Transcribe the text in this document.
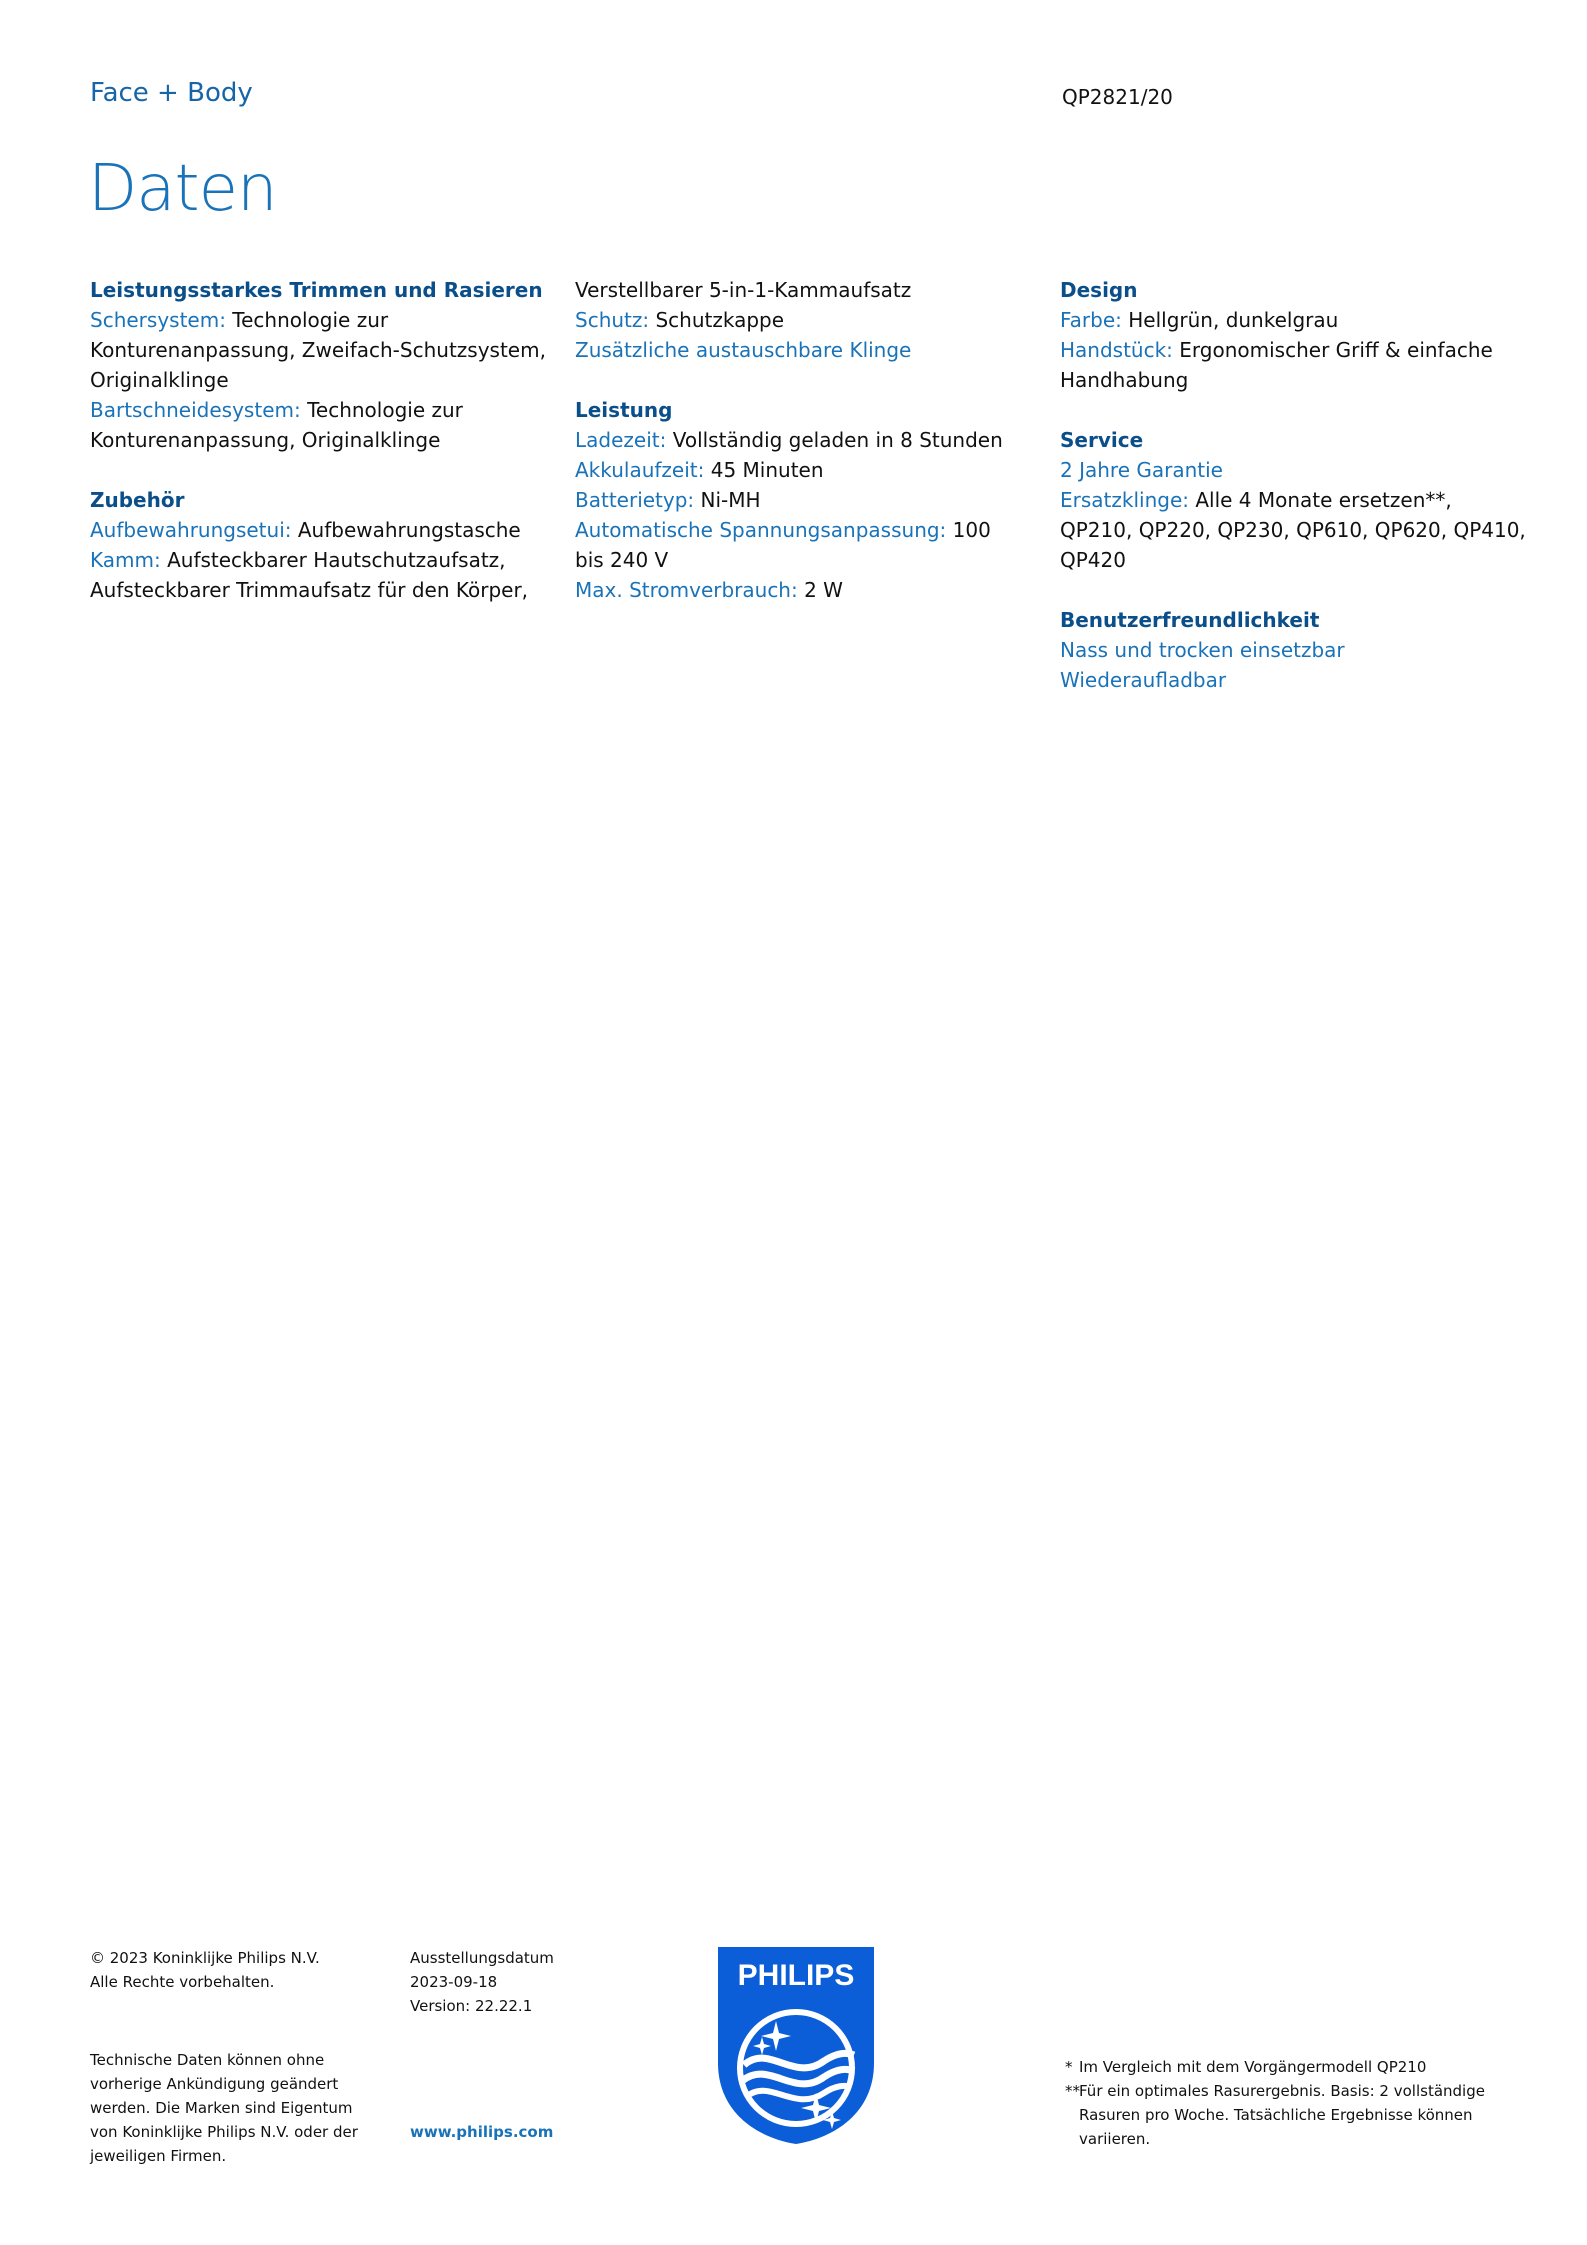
Face + Body	QP2821/20
Daten
Leistungsstarkes Trimmen und Rasieren
Schersystem: Technologie zur Konturenanpassung, Zweifach-Schutzsystem, Originalklinge
Bartschneidesystem: Technologie zur Konturenanpassung, Originalklinge
Zubehör
Aufbewahrungsetui: Aufbewahrungstasche
Kamm: Aufsteckbarer Hautschutzaufsatz, Aufsteckbarer Trimmaufsatz für den Körper,
Verstellbarer 5-in-1-Kammaufsatz
Schutz: Schutzkappe
Zusätzliche austauschbare Klinge
Leistung
Ladezeit: Vollständig geladen in 8 Stunden
Akkulaufzeit: 45 Minuten
Batterietyp: Ni-MH
Automatische Spannungsanpassung: 100 bis 240 V
Max. Stromverbrauch: 2 W
Design
Farbe: Hellgrün, dunkelgrau
Handstück: Ergonomischer Griff & einfache Handhabung
Service
2 Jahre Garantie
Ersatzklinge: Alle 4 Monate ersetzen**, QP210, QP220, QP230, QP610, QP620, QP410, QP420
Benutzerfreundlichkeit
Nass und trocken einsetzbar
Wiederaufladbar
© 2023 Koninklijke Philips N.V.
Alle Rechte vorbehalten.
Ausstellungsdatum
2023-09-18
Version: 22.22.1
Technische Daten können ohne vorherige Ankündigung geändert werden. Die Marken sind Eigentum von Koninklijke Philips N.V. oder der jeweiligen Firmen.
www.philips.com
PHILIPS
* Im Vergleich mit dem Vorgängermodell QP210
** Für ein optimales Rasurergebnis. Basis: 2 vollständige Rasuren pro Woche. Tatsächliche Ergebnisse können variieren.
